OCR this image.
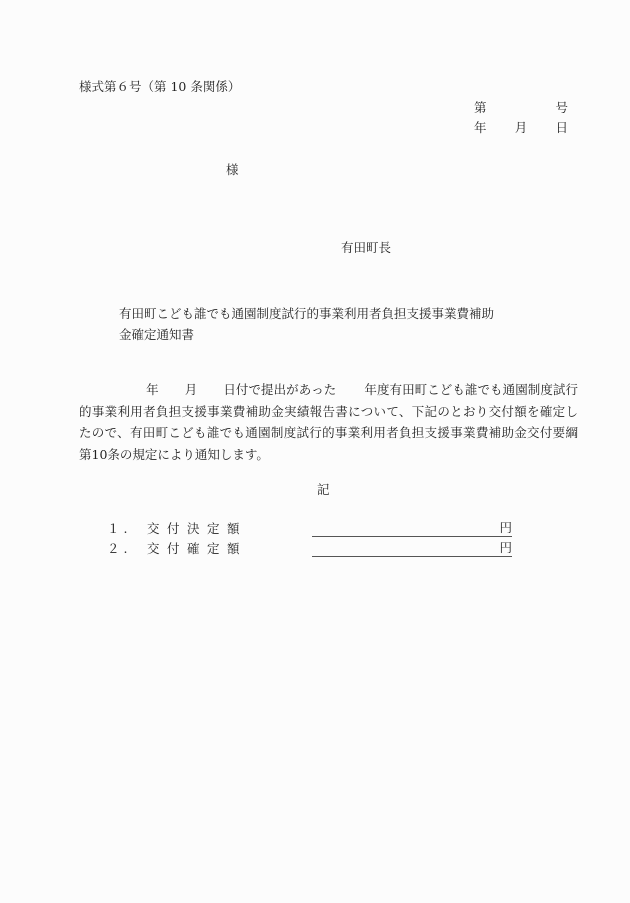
様式第６号（第 10 条関係）
第	号
年 月 日
様
有田町長
有田町こども誰でも通園制度試行的事業利用者負担支援事業費補助
金確定通知書
年 月 日付で提出があった 年度有田町こども誰でも通園制度試行的事業利用者負担支援事業費補助金実績報告書について、下記のとおり交付額を確定したので、有田町こども誰でも通園制度試行的事業利用者負担支援事業費補助金交付要綱第10条の規定により通知します。
記
１.	交付決定額	円
２.	交付確定額	円
